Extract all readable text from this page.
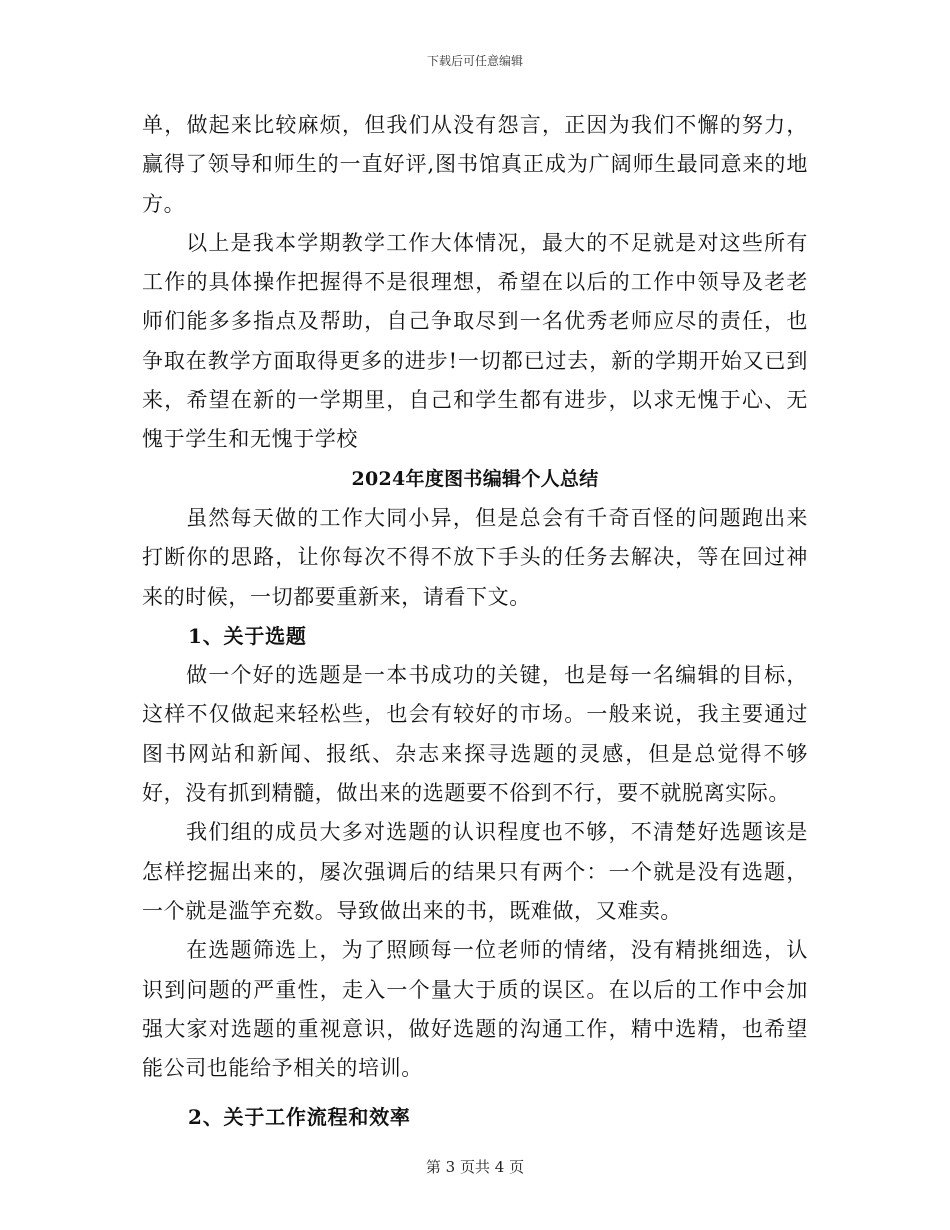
下载后可任意编辑

单，做起来比较麻烦，但我们从没有怨言，正因为我们不懈的努力，赢得了领导和师生的一直好评,图书馆真正成为广阔师生最同意来的地方。

以上是我本学期教学工作大体情况，最大的不足就是对这些所有工作的具体操作把握得不是很理想，希望在以后的工作中领导及老老师们能多多指点及帮助，自己争取尽到一名优秀老师应尽的责任，也争取在教学方面取得更多的进步!一切都已过去，新的学期开始又已到来，希望在新的一学期里，自己和学生都有进步，以求无愧于心、无愧于学生和无愧于学校

2024年度图书编辑个人总结

虽然每天做的工作大同小异，但是总会有千奇百怪的问题跑出来打断你的思路，让你每次不得不放下手头的任务去解决，等在回过神来的时候，一切都要重新来，请看下文。

1、关于选题

做一个好的选题是一本书成功的关键，也是每一名编辑的目标，这样不仅做起来轻松些，也会有较好的市场。一般来说，我主要通过图书网站和新闻、报纸、杂志来探寻选题的灵感，但是总觉得不够好，没有抓到精髓，做出来的选题要不俗到不行，要不就脱离实际。

我们组的成员大多对选题的认识程度也不够，不清楚好选题该是怎样挖掘出来的，屡次强调后的结果只有两个：一个就是没有选题，一个就是滥竽充数。导致做出来的书，既难做，又难卖。

在选题筛选上，为了照顾每一位老师的情绪，没有精挑细选，认识到问题的严重性，走入一个量大于质的误区。在以后的工作中会加强大家对选题的重视意识，做好选题的沟通工作，精中选精，也希望能公司也能给予相关的培训。

2、关于工作流程和效率
第 3 页共 4 页
